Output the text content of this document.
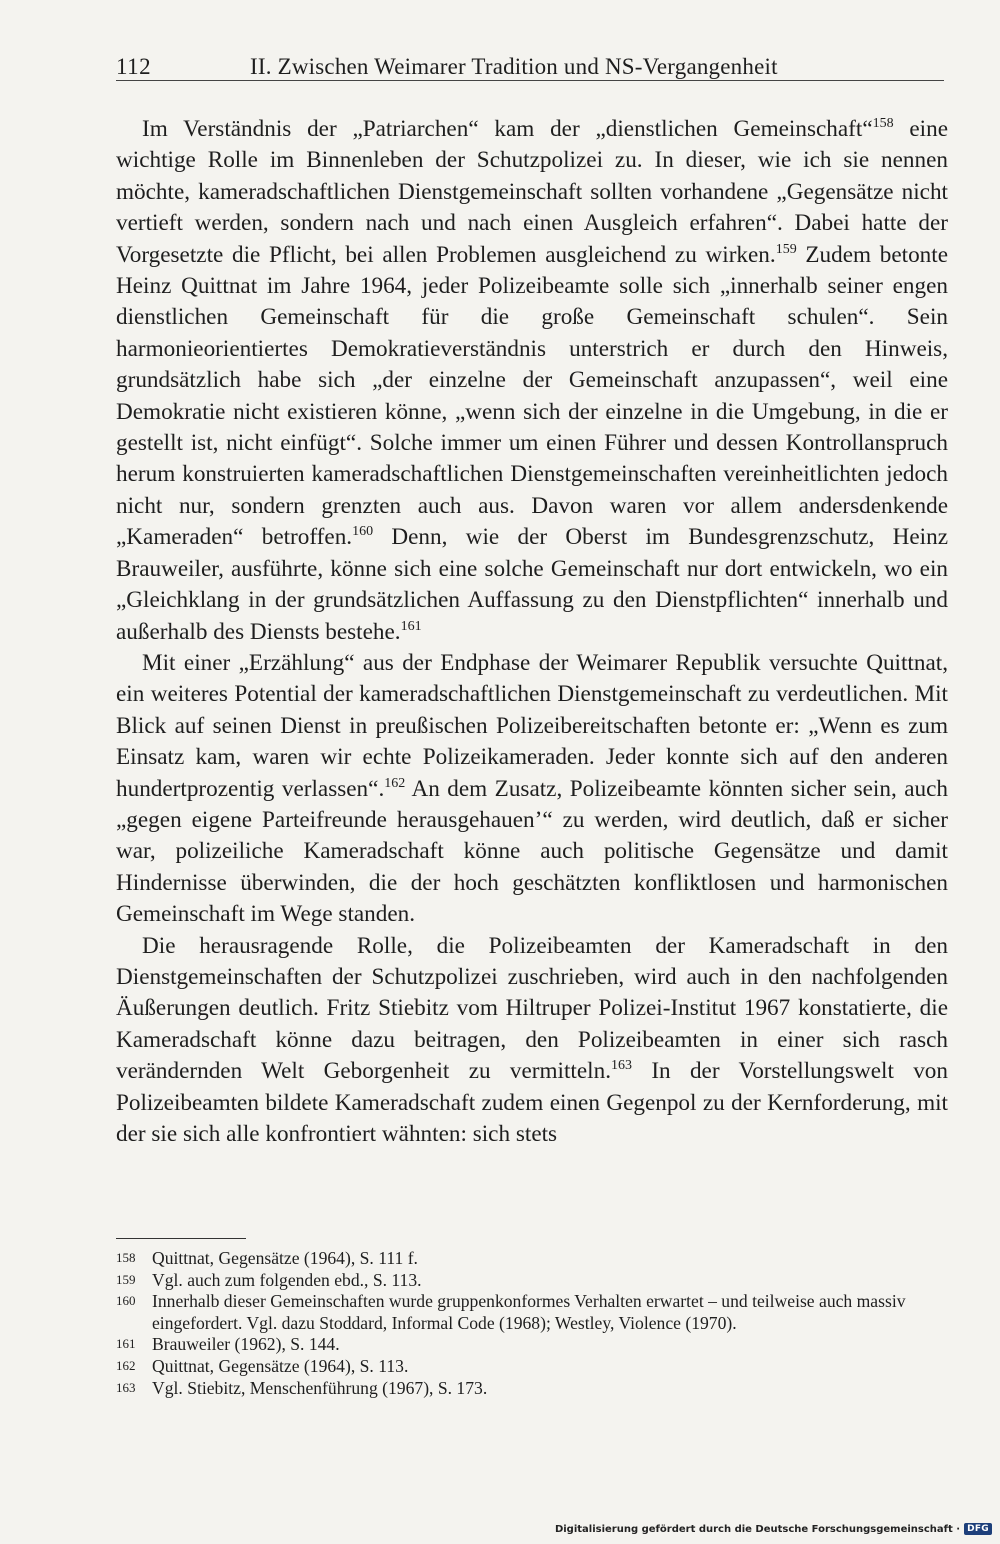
112	II. Zwischen Weimarer Tradition und NS-Vergangenheit

Im Verständnis der „Patriarchen“ kam der „dienstlichen Gemeinschaft“$^{158}$ eine wichtige Rolle im Binnenleben der Schutzpolizei zu. In dieser, wie ich sie nennen möchte, kameradschaftlichen Dienstgemeinschaft sollten vorhandene „Gegensätze nicht vertieft werden, sondern nach und nach einen Ausgleich erfahren“. Dabei hatte der Vorgesetzte die Pflicht, bei allen Problemen ausgleichend zu wirken.$^{159}$ Zudem betonte Heinz Quittnat im Jahre 1964, jeder Polizeibeamte solle sich „innerhalb seiner engen dienstlichen Gemeinschaft für die große Gemeinschaft schulen“. Sein harmonieorientiertes Demokratieverständnis unterstrich er durch den Hinweis, grundsätzlich habe sich „der einzelne der Gemeinschaft anzupassen“, weil eine Demokratie nicht existieren könne, „wenn sich der einzelne in die Umgebung, in die er gestellt ist, nicht einfügt“. Solche immer um einen Führer und dessen Kontrollanspruch herum konstruierten kameradschaftlichen Dienstgemeinschaften vereinheitlichten jedoch nicht nur, sondern grenzten auch aus. Davon waren vor allem andersdenkende „Kameraden“ betroffen.$^{160}$ Denn, wie der Oberst im Bundesgrenzschutz, Heinz Brauweiler, ausführte, könne sich eine solche Gemeinschaft nur dort entwickeln, wo ein „Gleichklang in der grundsätzlichen Auffassung zu den Dienstpflichten“ innerhalb und außerhalb des Diensts bestehe.$^{161}$

Mit einer „Erzählung“ aus der Endphase der Weimarer Republik versuchte Quittnat, ein weiteres Potential der kameradschaftlichen Dienstgemeinschaft zu verdeutlichen. Mit Blick auf seinen Dienst in preußischen Polizeibereitschaften betonte er: „Wenn es zum Einsatz kam, waren wir echte Polizeikameraden. Jeder konnte sich auf den anderen hundertprozentig verlassen“.$^{162}$ An dem Zusatz, Polizeibeamte könnten sicher sein, auch „gegen eigene Parteifreunde herausgehauen’“ zu werden, wird deutlich, daß er sicher war, polizeiliche Kameradschaft könne auch politische Gegensätze und damit Hindernisse überwinden, die der hoch geschätzten konfliktlosen und harmonischen Gemeinschaft im Wege standen.

Die herausragende Rolle, die Polizeibeamten der Kameradschaft in den Dienstgemeinschaften der Schutzpolizei zuschrieben, wird auch in den nachfolgenden Äußerungen deutlich. Fritz Stiebitz vom Hiltruper Polizei-Institut 1967 konstatierte, die Kameradschaft könne dazu beitragen, den Polizeibeamten in einer sich rasch verändernden Welt Geborgenheit zu vermitteln.$^{163}$ In der Vorstellungswelt von Polizeibeamten bildete Kameradschaft zudem einen Gegenpol zu der Kernforderung, mit der sie sich alle konfrontiert wähnten: sich stets

158 Quittnat, Gegensätze (1964), S. 111 f.
159 Vgl. auch zum folgenden ebd., S. 113.
160 Innerhalb dieser Gemeinschaften wurde gruppenkonformes Verhalten erwartet – und teilweise auch massiv eingefordert. Vgl. dazu Stoddard, Informal Code (1968); Westley, Violence (1970).
161 Brauweiler (1962), S. 144.
162 Quittnat, Gegensätze (1964), S. 113.
163 Vgl. Stiebitz, Menschenführung (1967), S. 173.
Digitalisierung gefördert durch die Deutsche Forschungsgemeinschaft · DFG
